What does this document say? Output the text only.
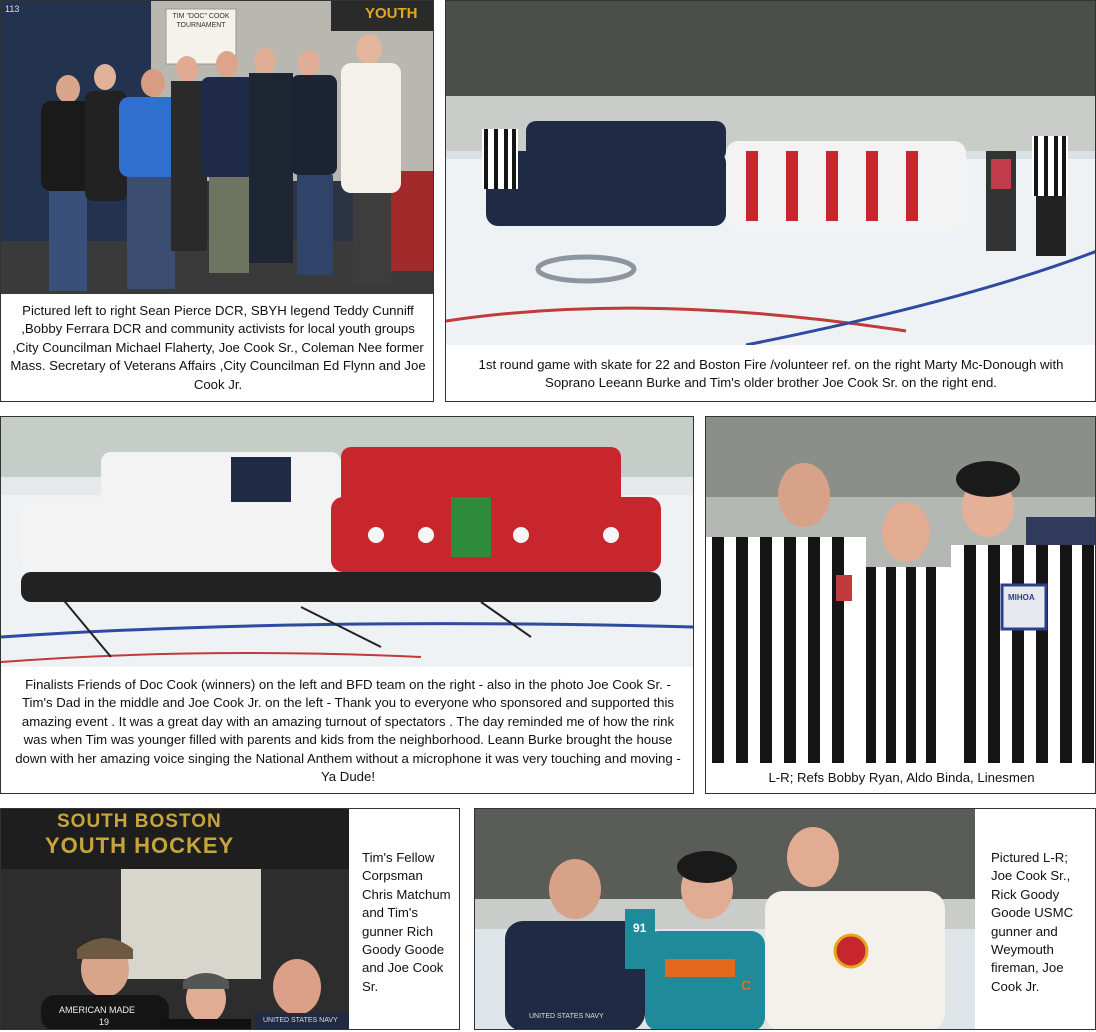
113
TIM "DOC" COOK TOURNAMENT
YOUTH
Pictured left to right Sean Pierce DCR, SBYH legend Teddy Cunniff ,Bobby Ferrara DCR and community activists for local youth groups ,City Councilman Michael Flaherty, Joe Cook Sr., Coleman Nee former Mass. Secretary of Veterans Affairs ,City Councilman Ed Flynn and Joe Cook Jr.
1st round game with skate for 22 and Boston Fire /volunteer ref. on the right Marty Mc-Donough with Soprano Leeann Burke and Tim's older brother Joe Cook Sr. on the right end.
Finalists Friends of Doc Cook (winners) on the left and BFD team on the right - also in the photo Joe Cook Sr. - Tim's Dad in the middle and Joe Cook Jr. on the left - Thank you to everyone who sponsored and supported this amazing event . It was a great day with an amazing turnout of spectators . The day reminded me of how the rink was when Tim was younger filled with parents and kids from the neighborhood. Leann Burke brought the house down with her amazing voice singing the National Anthem without a microphone it was very touching and moving - Ya Dude!
MIHOA
L-R; Refs Bobby Ryan, Aldo Binda, Linesmen
SOUTH BOSTON
YOUTH HOCKEY
AMERICAN MADE
19	UNITED STATES NAVY
Tim's Fellow Corpsman Chris Matchum and Tim's gunner Rich Goody Goode and Joe Cook Sr.
91
C
UNITED STATES NAVY
Pictured L-R; Joe Cook Sr., Rick Goody Goode USMC gunner and Weymouth fireman, Joe Cook Jr.
